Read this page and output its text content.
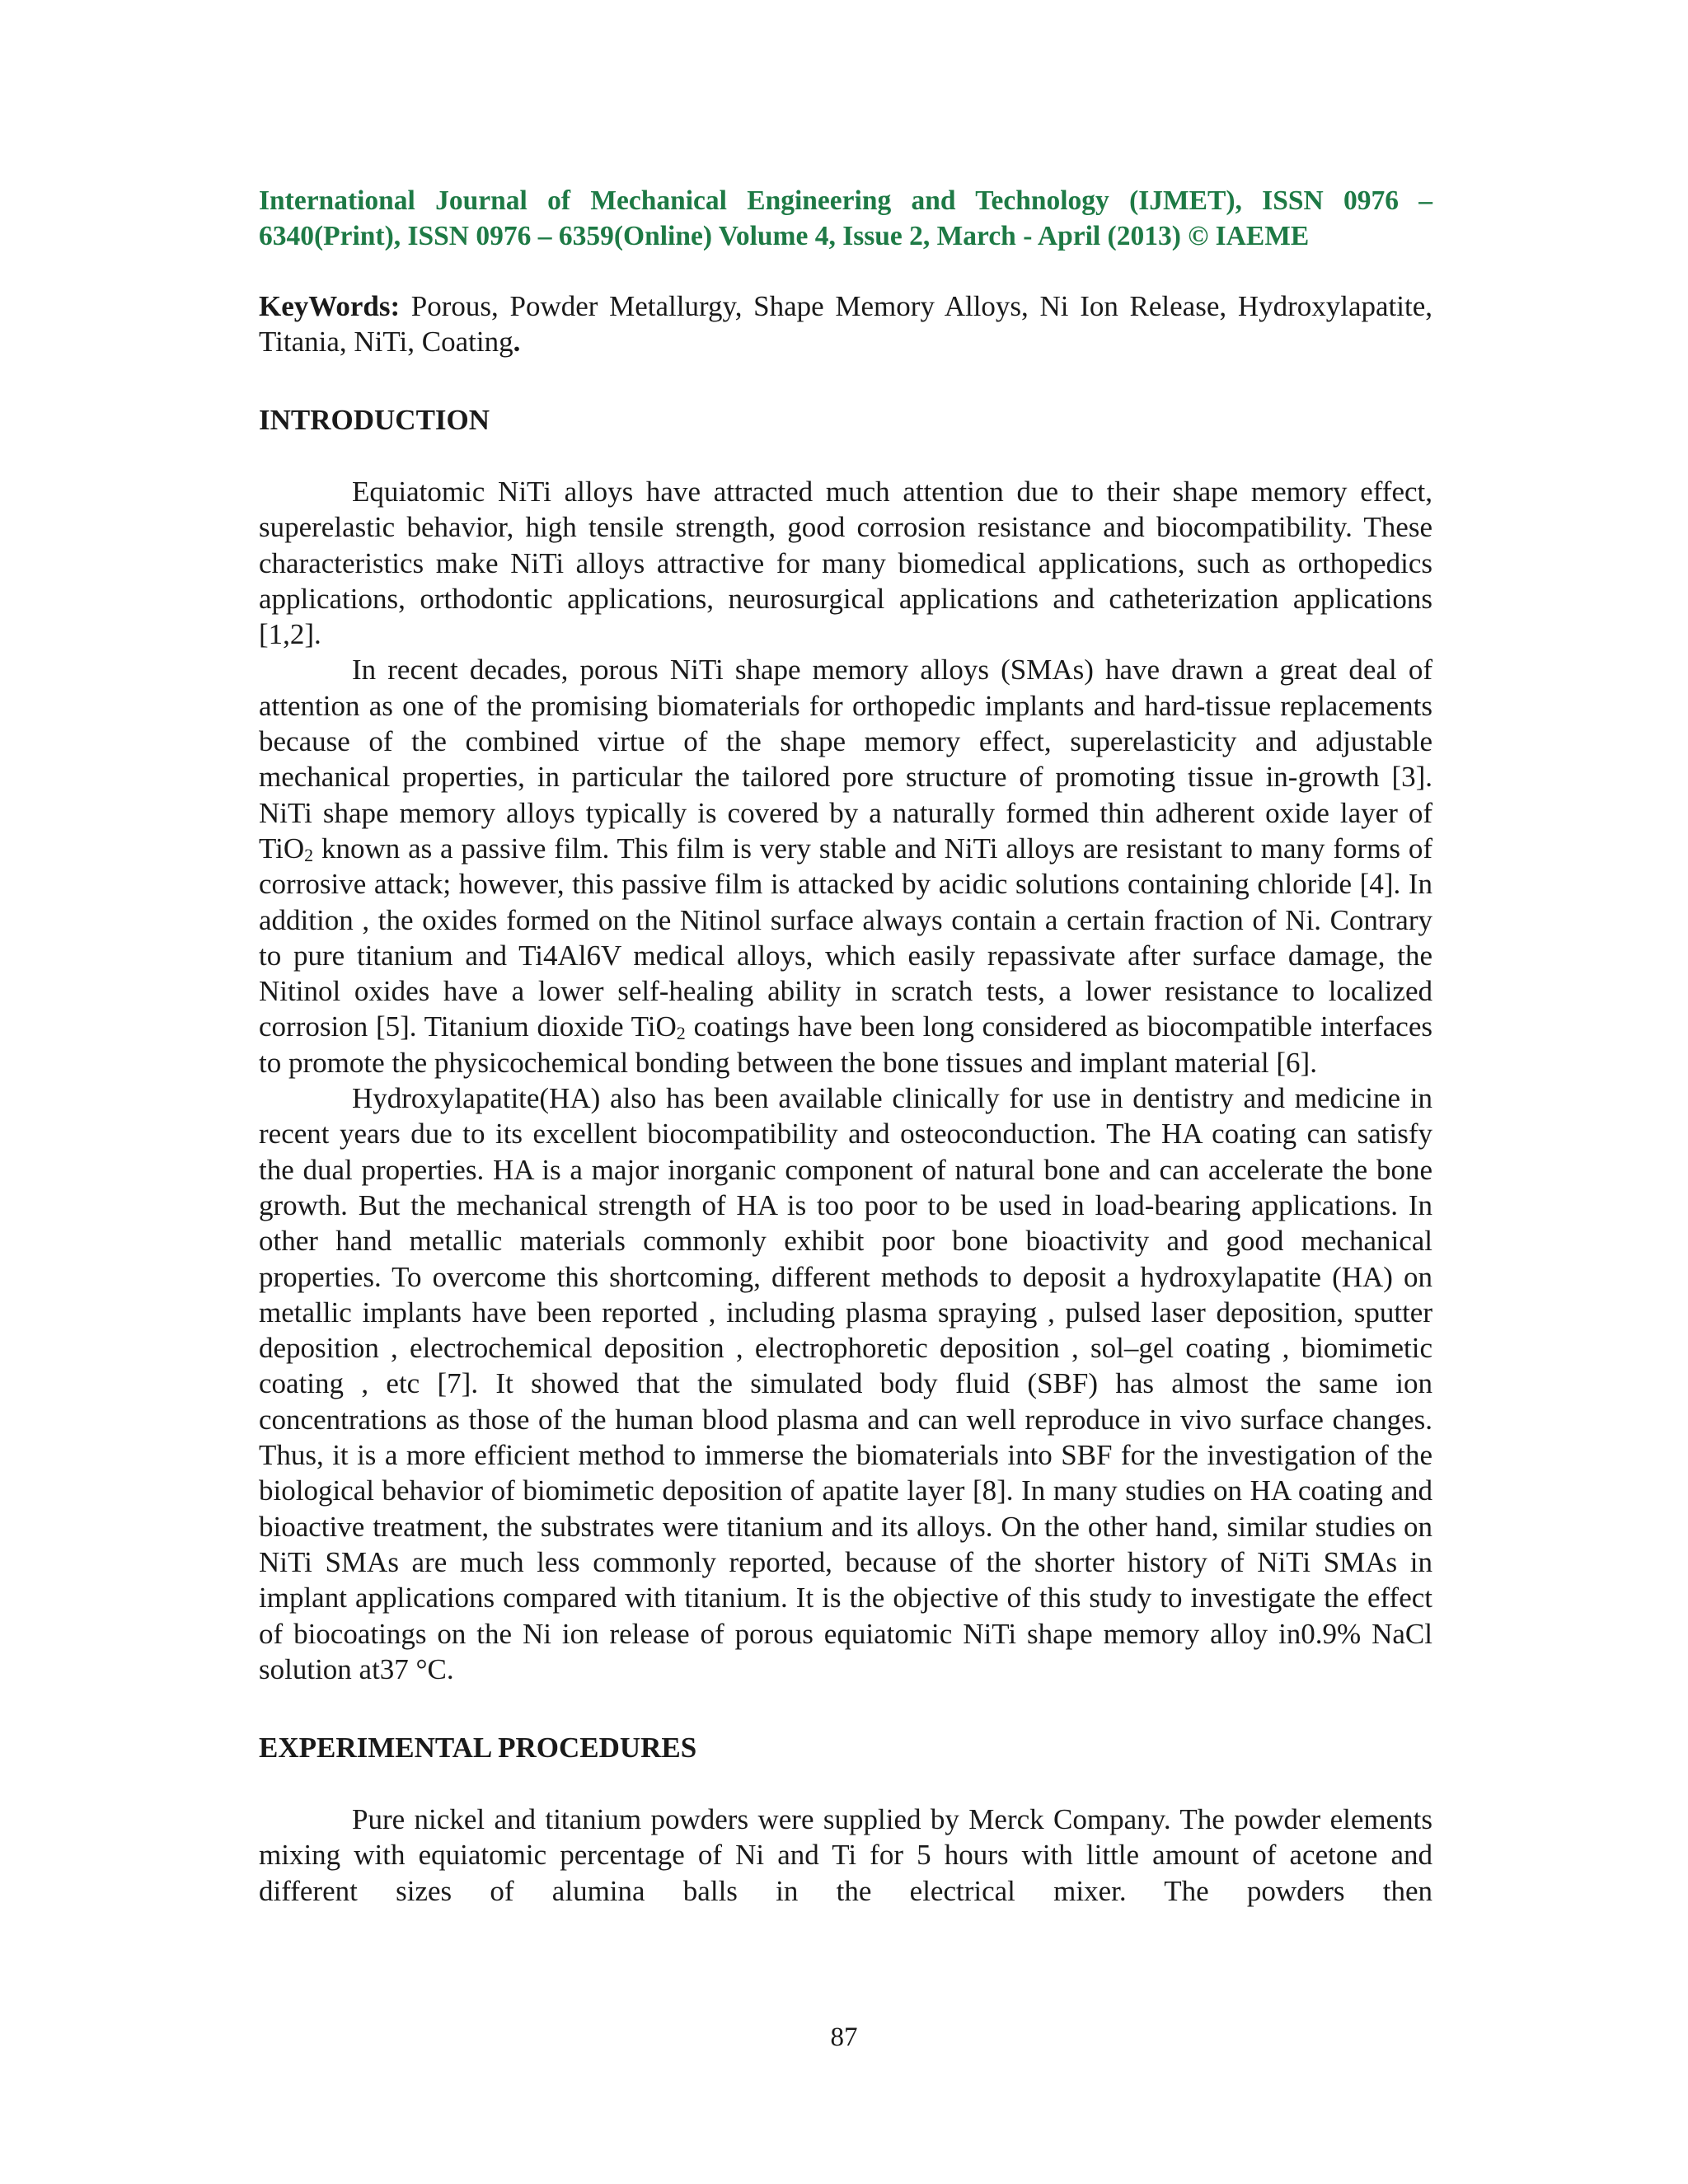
International Journal of Mechanical Engineering and Technology (IJMET), ISSN 0976 – 6340(Print), ISSN 0976 – 6359(Online) Volume 4, Issue 2, March - April (2013) © IAEME

KeyWords: Porous, Powder Metallurgy, Shape Memory Alloys, Ni Ion Release, Hydroxylapatite, Titania, NiTi, Coating.

INTRODUCTION

Equiatomic NiTi alloys have attracted much attention due to their shape memory effect, superelastic behavior, high tensile strength, good corrosion resistance and biocompatibility. These characteristics make NiTi alloys attractive for many biomedical applications, such as orthopedics applications, orthodontic applications, neurosurgical applications and catheterization applications [1,2].

In recent decades, porous NiTi shape memory alloys (SMAs) have drawn a great deal of attention as one of the promising biomaterials for orthopedic implants and hard-tissue replacements because of the combined virtue of the shape memory effect, superelasticity and adjustable mechanical properties, in particular the tailored pore structure of promoting tissue in-growth [3]. NiTi shape memory alloys typically is covered by a naturally formed thin adherent oxide layer of TiO$_2$ known as a passive film. This film is very stable and NiTi alloys are resistant to many forms of corrosive attack; however, this passive film is attacked by acidic solutions containing chloride [4]. In addition , the oxides formed on the Nitinol surface always contain a certain fraction of Ni. Contrary to pure titanium and Ti4Al6V medical alloys, which easily repassivate after surface damage, the Nitinol oxides have a lower self-healing ability in scratch tests, a lower resistance to localized corrosion [5]. Titanium dioxide TiO$_2$ coatings have been long considered as biocompatible interfaces to promote the physicochemical bonding between the bone tissues and implant material [6].

Hydroxylapatite(HA) also has been available clinically for use in dentistry and medicine in recent years due to its excellent biocompatibility and osteoconduction. The HA coating can satisfy the dual properties. HA is a major inorganic component of natural bone and can accelerate the bone growth. But the mechanical strength of HA is too poor to be used in load-bearing applications. In other hand metallic materials commonly exhibit poor bone bioactivity and good mechanical properties. To overcome this shortcoming, different methods to deposit a hydroxylapatite (HA) on metallic implants have been reported , including plasma spraying , pulsed laser deposition, sputter deposition , electrochemical deposition , electrophoretic deposition , sol–gel coating , biomimetic coating , etc [7]. It showed that the simulated body fluid (SBF) has almost the same ion concentrations as those of the human blood plasma and can well reproduce in vivo surface changes. Thus, it is a more efficient method to immerse the biomaterials into SBF for the investigation of the biological behavior of biomimetic deposition of apatite layer [8]. In many studies on HA coating and bioactive treatment, the substrates were titanium and its alloys. On the other hand, similar studies on NiTi SMAs are much less commonly reported, because of the shorter history of NiTi SMAs in implant applications compared with titanium. It is the objective of this study to investigate the effect of biocoatings on the Ni ion release of porous equiatomic NiTi shape memory alloy in0.9% NaCl solution at37 °C.

EXPERIMENTAL PROCEDURES

Pure nickel and titanium powders were supplied by Merck Company. The powder elements mixing with equiatomic percentage of Ni and Ti for 5 hours with little amount of acetone and different sizes of alumina balls in the electrical mixer. The powders then

87
